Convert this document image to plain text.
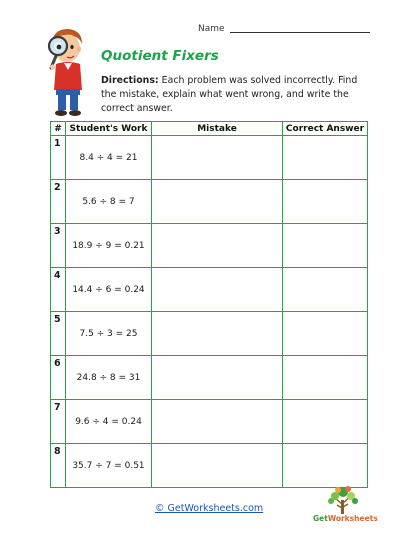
Name
Quotient Fixers
Directions: Each problem was solved incorrectly. Find the mistake, explain what went wrong, and write the correct answer.
#	Student's Work	Mistake	Correct Answer
1	8.4 ÷ 4 = 21		
2	5.6 ÷ 8 = 7		
3	18.9 ÷ 9 = 0.21		
4	14.4 ÷ 6 = 0.24		
5	7.5 ÷ 3 = 25		
6	24.8 ÷ 8 = 31		
7	9.6 ÷ 4 = 0.24		
8	35.7 ÷ 7 = 0.51		
© GetWorksheets.com
GetWorksheets
